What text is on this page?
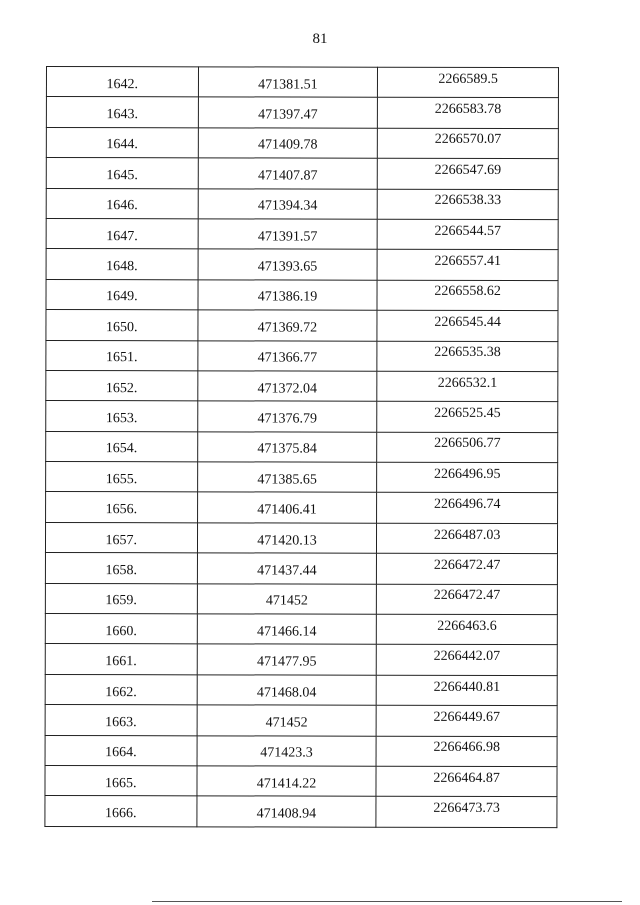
81
1642.	471381.51	2266589.5
1643.	471397.47	2266583.78
1644.	471409.78	2266570.07
1645.	471407.87	2266547.69
1646.	471394.34	2266538.33
1647.	471391.57	2266544.57
1648.	471393.65	2266557.41
1649.	471386.19	2266558.62
1650.	471369.72	2266545.44
1651.	471366.77	2266535.38
1652.	471372.04	2266532.1
1653.	471376.79	2266525.45
1654.	471375.84	2266506.77
1655.	471385.65	2266496.95
1656.	471406.41	2266496.74
1657.	471420.13	2266487.03
1658.	471437.44	2266472.47
1659.	471452	2266472.47
1660.	471466.14	2266463.6
1661.	471477.95	2266442.07
1662.	471468.04	2266440.81
1663.	471452	2266449.67
1664.	471423.3	2266466.98
1665.	471414.22	2266464.87
1666.	471408.94	2266473.73
